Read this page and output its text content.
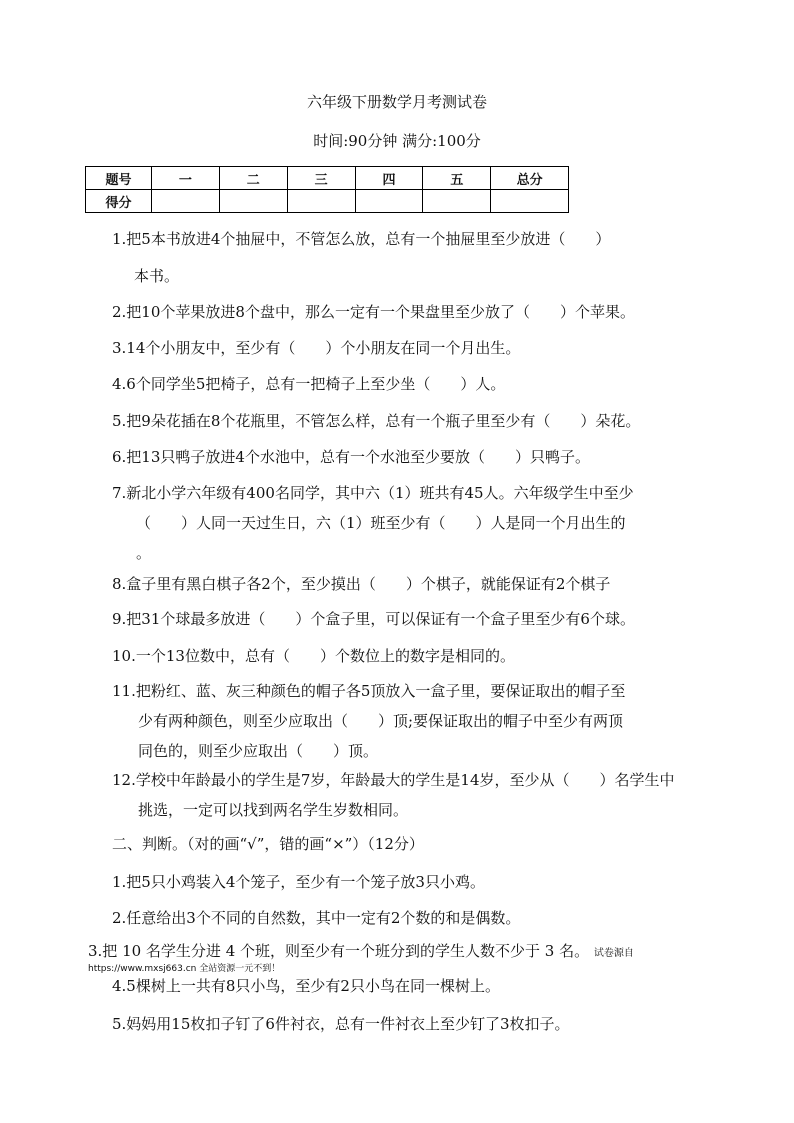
六年级下册数学月考测试卷
时间:90分钟 满分:100分
题号	一	二	三	四	五	总分
得分						
1.把5本书放进4个抽屉中，不管怎么放，总有一个抽屉里至少放进（　　）
本书。
2.把10个苹果放进8个盘中，那么一定有一个果盘里至少放了（　　）个苹果。
3.14个小朋友中，至少有（　　）个小朋友在同一个月出生。
4.6个同学坐5把椅子，总有一把椅子上至少坐（　　）人。
5.把9朵花插在8个花瓶里，不管怎么样，总有一个瓶子里至少有（　　）朵花。
6.把13只鸭子放进4个水池中，总有一个水池至少要放（　　）只鸭子。
7.新北小学六年级有400名同学，其中六（1）班共有45人。六年级学生中至少
（　　）人同一天过生日，六（1）班至少有（　　）人是同一个月出生的
。
8.盒子里有黑白棋子各2个，至少摸出（　　）个棋子，就能保证有2个棋子
9.把31个球最多放进（　　）个盒子里，可以保证有一个盒子里至少有6个球。
10.一个13位数中，总有（　　）个数位上的数字是相同的。
11.把粉红、蓝、灰三种颜色的帽子各5顶放入一盒子里，要保证取出的帽子至
少有两种颜色，则至少应取出（　　）顶;要保证取出的帽子中至少有两顶
同色的，则至少应取出（　　）顶。
12.学校中年龄最小的学生是7岁，年龄最大的学生是14岁，至少从（　　）名学生中
挑选，一定可以找到两名学生岁数相同。
二、判断。（对的画“√”，错的画“×”）（12分）
1.把5只小鸡装入4个笼子，至少有一个笼子放3只小鸡。
2.任意给出3个不同的自然数，其中一定有2个数的和是偶数。
3.把 10 名学生分进 4 个班，则至少有一个班分到的学生人数不少于 3 名。 试卷源自
https://www.mxsj663.cn 全站资源一元不到！
4.5棵树上一共有8只小鸟，至少有2只小鸟在同一棵树上。
5.妈妈用15枚扣子钉了6件衬衣，总有一件衬衣上至少钉了3枚扣子。
